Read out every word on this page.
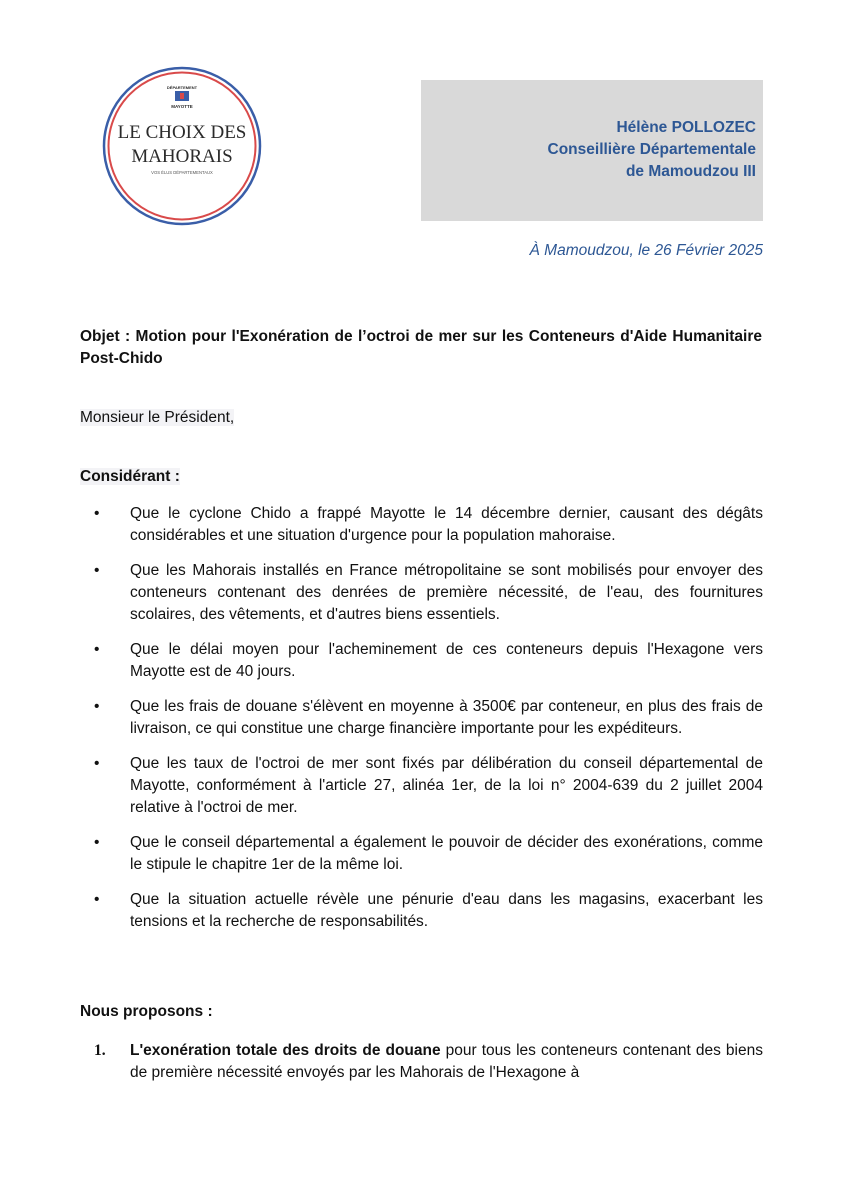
DÉPARTEMENT
MAYOTTE
LE CHOIX DES
MAHORAIS
VOS ÉLUS DÉPARTEMENTAUX
Hélène POLLOZEC
Conseillière Départementale
de Mamoudzou III
À Mamoudzou, le 26 Février 2025
Objet : Motion pour l'Exonération de l’octroi de mer sur les Conteneurs d'Aide Humanitaire Post-Chido
Monsieur le Président,
Considérant :
• Que le cyclone Chido a frappé Mayotte le 14 décembre dernier, causant des dégâts considérables et une situation d'urgence pour la population mahoraise.
• Que les Mahorais installés en France métropolitaine se sont mobilisés pour envoyer des conteneurs contenant des denrées de première nécessité, de l'eau, des fournitures scolaires, des vêtements, et d'autres biens essentiels.
• Que le délai moyen pour l'acheminement de ces conteneurs depuis l'Hexagone vers Mayotte est de 40 jours.
• Que les frais de douane s'élèvent en moyenne à 3500€ par conteneur, en plus des frais de livraison, ce qui constitue une charge financière importante pour les expéditeurs.
• Que les taux de l'octroi de mer sont fixés par délibération du conseil départemental de Mayotte, conformément à l'article 27, alinéa 1er, de la loi n° 2004-639 du 2 juillet 2004 relative à l'octroi de mer.
• Que le conseil départemental a également le pouvoir de décider des exonérations, comme le stipule le chapitre 1er de la même loi.
• Que la situation actuelle révèle une pénurie d'eau dans les magasins, exacerbant les tensions et la recherche de responsabilités.
Nous proposons :
1.	L'exonération totale des droits de douane pour tous les conteneurs contenant des biens de première nécessité envoyés par les Mahorais de l'Hexagone à
